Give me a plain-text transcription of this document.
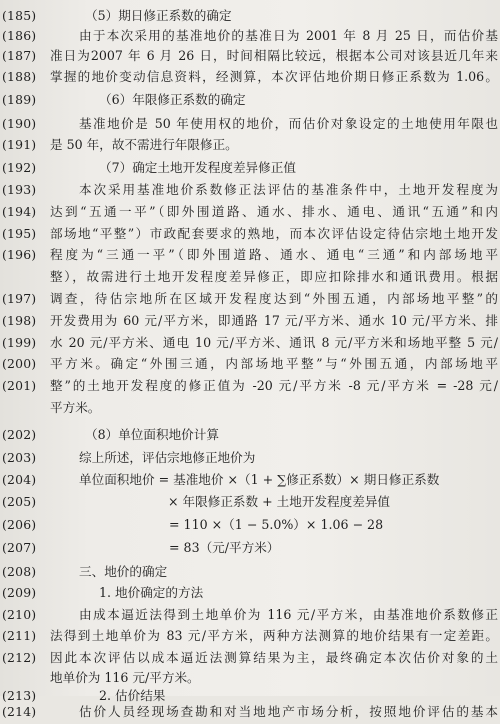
(185)	（5）期日修正系数的确定
(186)	由于本次采用的基准地价的基准日为 2001 年 8 月 25 日，而估价基
(187)	准日为2007 年 6 月 26 日，时间相隔比较远，根据本公司对该县近几年来
(188)	掌握的地价变动信息资料，经测算，本次评估地价期日修正系数为 1.06。
(189)	（6）年限修正系数的确定
(190)	基准地价是 50 年使用权的地价，而估价对象设定的土地使用年限也
(191)	是 50 年，故不需进行年限修正。
(192)	（7）确定土地开发程度差异修正值
(193)	本次采用基准地价系数修正法评估的基准条件中，土地开发程度为
(194)	达到“五通一平”（即外围道路、通水、排水、通电、通讯“五通”和内
(195)	部场地“平整”）市政配套要求的熟地，而本次评估设定待估宗地土地开发
(196)	程度为“三通一平”（即外围道路、通水、通电“三通”和内部场地平
整），故需进行土地开发程度差异修正，即应扣除排水和通讯费用。根据
(197)	调查，待估宗地所在区域开发程度达到“外围五通，内部场地平整”的
(198)	开发费用为 60 元/平方米，即通路 17 元/平方米、通水 10 元/平方米、排
(199)	水 20 元/平方米、通电 10 元/平方米、通讯 8 元/平方米和场地平整 5 元/
(200)	平方米。确定“外围三通，内部场地平整”与“外围五通，内部场地平
(201)	整”的土地开发程度的修正值为 -20 元/平方米 -8 元/平方米 = -28 元/
平方米。
(202)	（8）单位面积地价计算
(203)	综上所述，评估宗地修正地价为
(204)	单位面积地价 = 基准地价 ×（1 + ∑修正系数）× 期日修正系数
(205)	× 年限修正系数 + 土地开发程度差异值
(206)	= 110 ×（1 − 5.0%）× 1.06 − 28
(207)	= 83（元/平方米）
(208)	三、地价的确定
(209)	1. 地价确定的方法
(210)	由成本逼近法得到土地单价为 116 元/平方米，由基准地价系数修正
(211)	法得到土地单价为 83 元/平方米，两种方法测算的地价结果有一定差距。
(212)	因此本次评估以成本逼近法测算结果为主，最终确定本次估价对象的土
地单价为 116 元/平方米。
(213)	2. 估价结果
(214)	估价人员经现场查勘和对当地地产市场分析，按照地价评估的基本
